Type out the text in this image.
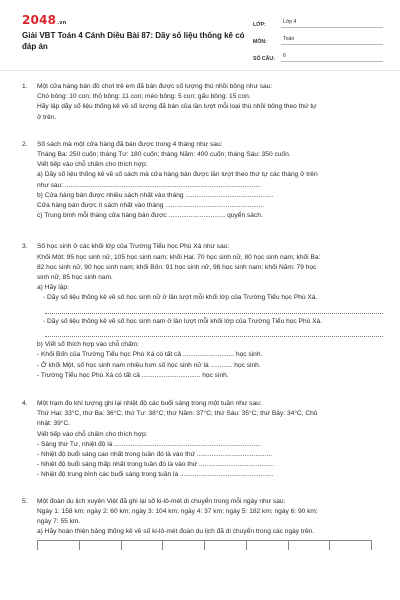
2048.vn
Giải VBT Toán 4 Cánh Diều Bài 87: Dãy số liệu thống kê có đáp án
LỚP:	Lớp 4
MÔN:	Toán
SỐ CÂU:	6
1. Một cửa hàng bán đồ chơi trẻ em đã bán được số lượng thú nhồi bông như sau:

Chó bông: 10 con; thỏ bông: 11 con; mèo bông: 5 con; gấu bông: 15 con.

Hãy lập dãy số liệu thống kê về số lượng đã bán của lần lượt mỗi loại thú nhồi bông theo thứ tự

ở trên.

2. Số sách mà một cửa hàng đã bán được trong 4 tháng như sau:

Tháng Ba: 250 cuốn; tháng Tư: 180 cuốn; tháng Năm: 400 cuốn; tháng Sáu: 350 cuốn.

Viết tiếp vào chỗ chấm cho thích hợp:

a) Dãy số liệu thống kê về số sách mà cửa hàng bán được lần lượt theo thứ tự các tháng ở trên

như sau: ...........................................................................................................

b) Cửa hàng bán được nhiều sách nhất vào tháng ................................................

Cửa hàng bán được ít sách nhất vào tháng ......................................................

c) Trung bình mỗi tháng cửa hàng bán được ............................... quyển sách.

3. Số học sinh ở các khối lớp của Trường Tiểu học Phù Xá như sau:

Khối Một: 95 học sinh nữ, 105 học sinh nam; khối Hai: 70 học sinh nữ, 80 học sinh nam; khối Ba:

82 học sinh nữ, 90 học sinh nam; khối Bốn: 91 học sinh nữ, 98 học sinh nam; khối Năm: 79 học

sinh nữ, 85 học sinh nam.

a) Hãy lập:

- Dãy số liệu thống kê về số học sinh nữ ở lần lượt mỗi khối lớp của Trường Tiểu học Phù Xá.

- Dãy số liệu thống kê về số học sinh nam ở lần lượt mỗi khối lớp của Trường Tiểu học Phù Xá.

b) Viết số thích hợp vào chỗ chấm:

- Khối Bốn của Trường Tiểu học Phù Xá có tất cả ............................ học sinh.

- Ở khối Một, số học sinh nam nhiều hơn số học sinh nữ là ............ học sinh.

- Trường Tiểu học Phù Xá có tất cả ................................ học sinh.

4. Một trạm đo khí tượng ghi lại nhiệt độ các buổi sáng trong một tuần như sau:

Thứ Hai: 33°C, thứ Ba: 36°C; thứ Tư: 38°C; thứ Năm: 37°C; thứ Sáu: 35°C; thứ Bảy: 34°C, Chủ

nhật: 39°C.

Viết tiếp vào chỗ chấm cho thích hợp:

- Sáng thứ Tư, nhiệt độ là ................................................................................

- Nhiệt độ buổi sáng cao nhất trong tuần đó là vào thứ .........................................

- Nhiệt độ buổi sáng thấp nhất trong tuần đó là vào thứ .........................................

- Nhiệt độ trung bình các buổi sáng trong tuần là ...................................................

5. Một đoàn du lịch xuyên Việt đã ghi lại số ki-lô-mét di chuyển trong mỗi ngày như sau:

Ngày 1: 158 km; ngày 2: 60 km; ngày 3: 104 km; ngày 4: 37 km; ngày 5: 182 km; ngày 6: 90 km;

ngày 7: 55 km.

a) Hãy hoàn thiện bảng thống kê về số ki-lô-mét đoàn du lịch đã di chuyển trong các ngày trên.
